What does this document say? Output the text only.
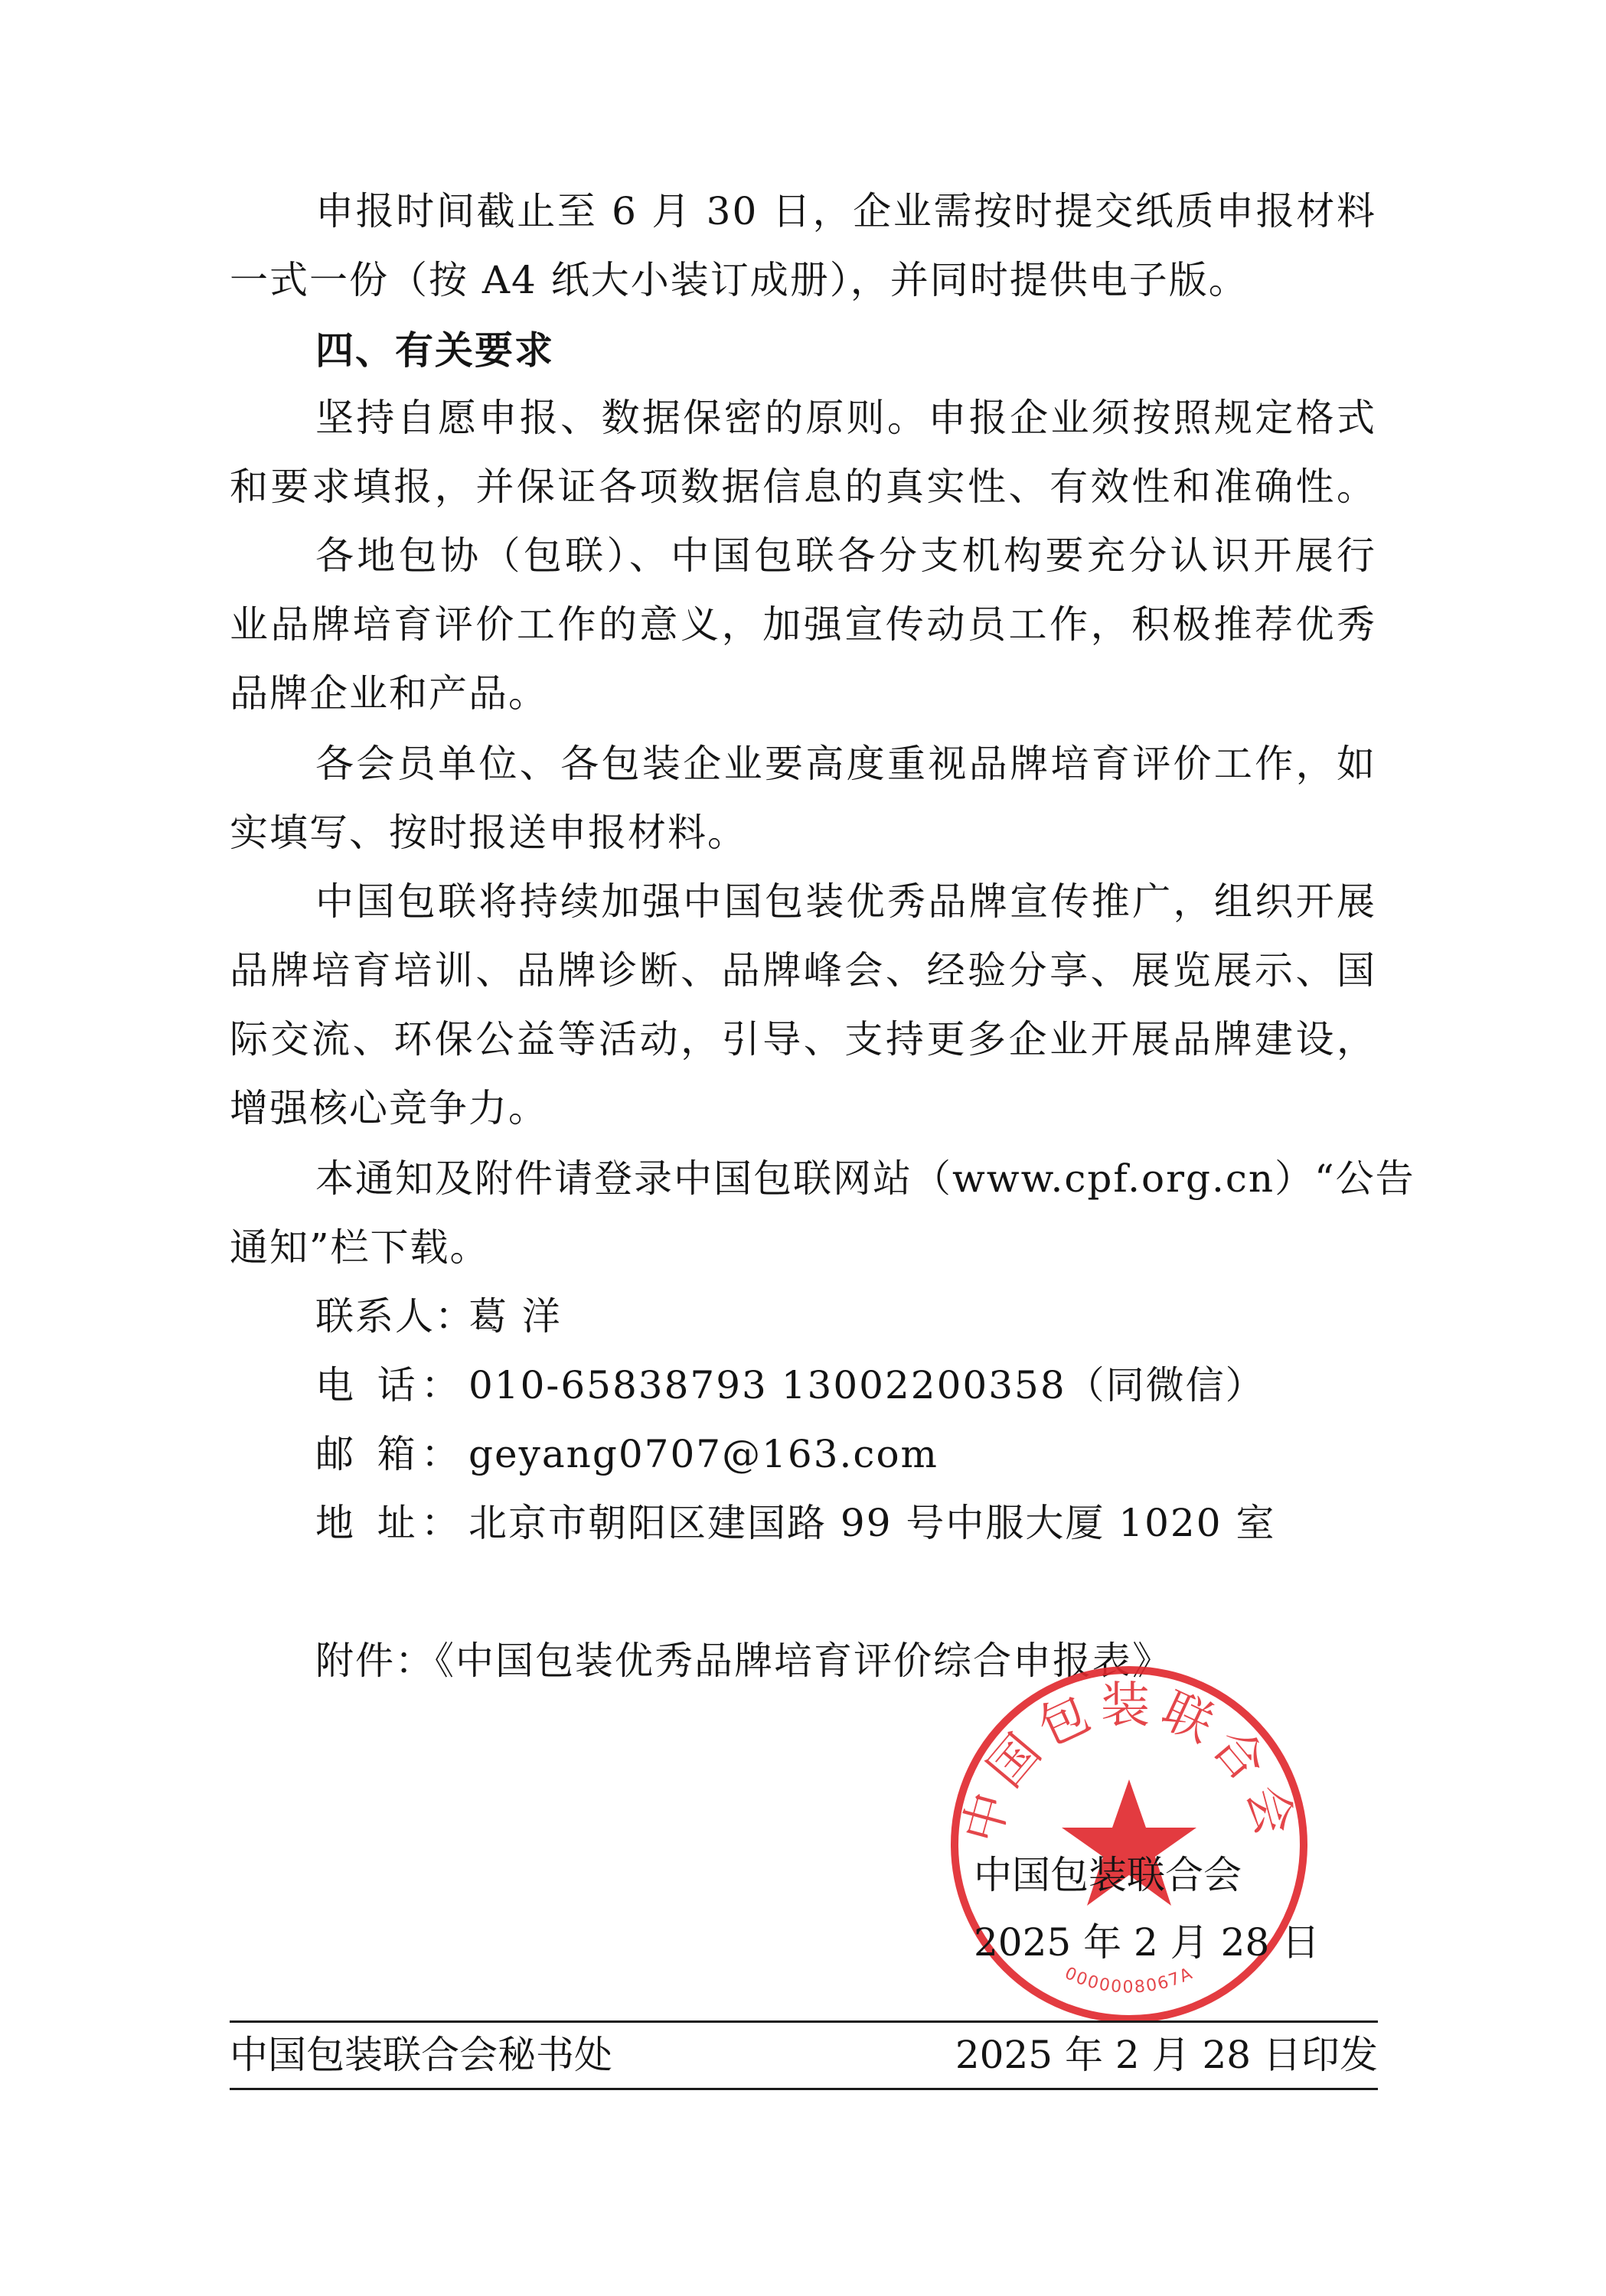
申报时间截止至 6 月 30 日，企业需按时提交纸质申报材料
一式一份（按 A4 纸大小装订成册），并同时提供电子版。
四、有关要求
坚持自愿申报、数据保密的原则。申报企业须按照规定格式
和要求填报，并保证各项数据信息的真实性、有效性和准确性。
各地包协（包联）、中国包联各分支机构要充分认识开展行
业品牌培育评价工作的意义，加强宣传动员工作，积极推荐优秀
品牌企业和产品。
各会员单位、各包装企业要高度重视品牌培育评价工作，如
实填写、按时报送申报材料。
中国包联将持续加强中国包装优秀品牌宣传推广，组织开展
品牌培育培训、品牌诊断、品牌峰会、经验分享、展览展示、国
际交流、环保公益等活动，引导、支持更多企业开展品牌建设，
增强核心竞争力。
本通知及附件请登录中国包联网站（www.cpf.org.cn）“公告
通知”栏下载。
联系人：葛 洋
电 话： 010-65838793 13002200358（同微信）
邮 箱： geyang0707@163.com
地 址： 北京市朝阳区建国路 99 号中服大厦 1020 室
附件：《中国包装优秀品牌培育评价综合申报表》
中国包装联合会
0000008067A
中国包装联合会
2025 年 2 月 28 日
中国包装联合会秘书处	2025 年 2 月 28 日印发
